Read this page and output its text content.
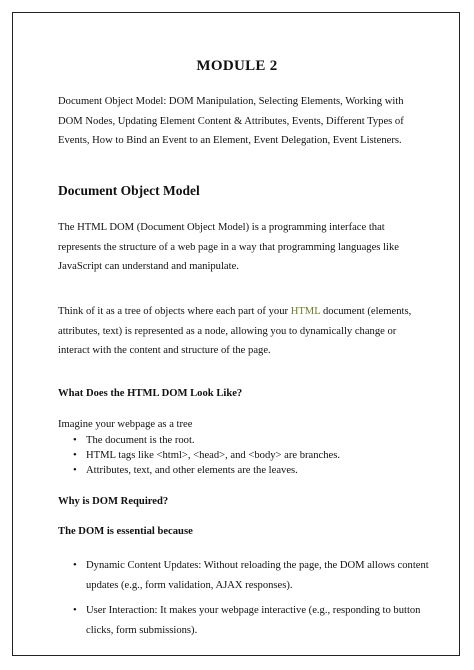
MODULE 2

Document Object Model: DOM Manipulation, Selecting Elements, Working with DOM Nodes, Updating Element Content & Attributes, Events, Different Types of Events, How to Bind an Event to an Element, Event Delegation, Event Listeners.

Document Object Model

The HTML DOM (Document Object Model) is a programming interface that represents the structure of a web page in a way that programming languages like JavaScript can understand and manipulate.

Think of it as a tree of objects where each part of your HTML document (elements, attributes, text) is represented as a node, allowing you to dynamically change or interact with the content and structure of the page.

What Does the HTML DOM Look Like?

Imagine your webpage as a tree

• The document is the root.
• HTML tags like <html>, <head>, and <body> are branches.
• Attributes, text, and other elements are the leaves.
Why is DOM Required?
The DOM is essential because
• Dynamic Content Updates: Without reloading the page, the DOM allows content updates (e.g., form validation, AJAX responses).
• User Interaction: It makes your webpage interactive (e.g., responding to button clicks, form submissions).
